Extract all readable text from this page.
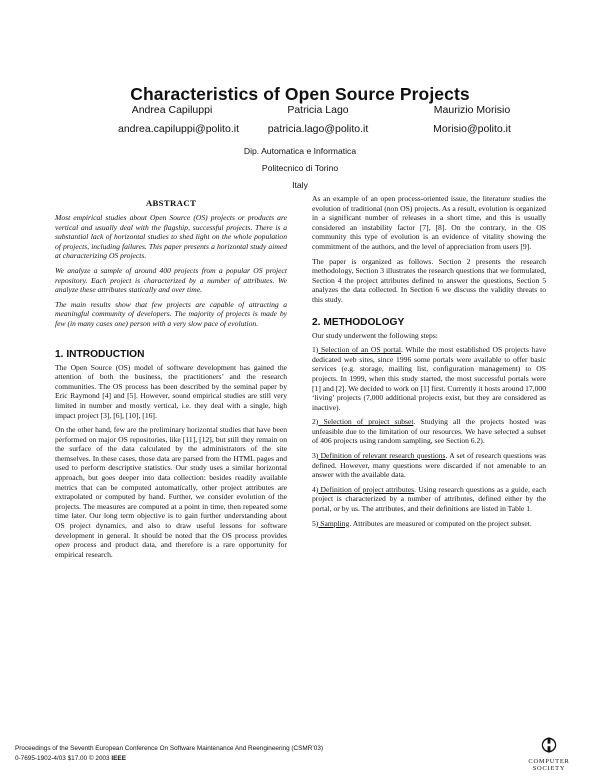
Characteristics of Open Source Projects
Andrea Capiluppi
andrea.capiluppi@polito.it
Patricia Lago
patricia.lago@polito.it
Maurizio Morisio
Morisio@polito.it
Dip. Automatica e Informatica
Politecnico di Torino
Italy
ABSTRACT

Most empirical studies about Open Source (OS) projects or products are vertical and usually deal with the flagship, successful projects. There is a substantial lack of horizontal studies to shed light on the whole population of projects, including failures. This paper presents a horizontal study aimed at characterizing OS projects.

We analyze a sample of around 400 projects from a popular OS project repository. Each project is characterized by a number of attributes. We analyze these attributes statically and over time.

The main results show that few projects are capable of attracting a meaningful community of developers. The majority of projects is made by few (in many cases one) person with a very slow pace of evolution.

1. INTRODUCTION

The Open Source (OS) model of software development has gained the attention of both the business, the practitioners’ and the research communities. The OS process has been described by the seminal paper by Eric Raymond [4] and [5]. However, sound empirical studies are still very limited in number and mostly vertical, i.e. they deal with a single, high impact project [3], [6], [10], [16].

On the other hand, few are the preliminary horizontal studies that have been performed on major OS repositories, like [11], [12], but still they remain on the surface of the data calculated by the administrators of the site themselves. In these cases, those data are parsed from the HTML pages and used to perform descriptive statistics. Our study uses a similar horizontal approach, but goes deeper into data collection: besides readily available metrics that can be computed automatically, other project attributes are extrapolated or computed by hand. Further, we consider evolution of the projects. The measures are computed at a point in time, then repeated some time later. Our long term objective is to gain further understanding about OS project dynamics, and also to draw useful lessons for software development in general. It should be noted that the OS process provides open process and product data, and therefore is a rare opportunity for empirical research.

As an example of an open process-oriented issue, the literature studies the evolution of traditional (non OS) projects. As a result, evolution is organized in a significant number of releases in a short time, and this is usually considered an instability factor [7], [8]. On the contrary, in the OS community this type of evolution is an evidence of vitality showing the commitment of the authors, and the level of appreciation from users [9].

The paper is organized as follows. Section 2 presents the research methodology, Section 3 illustrates the research questions that we formulated, Section 4 the project attributes defined to answer the questions, Section 5 analyzes the data collected. In Section 6 we discuss the validity threats to this study.

2. METHODOLOGY

Our study underwent the following steps:

1) Selection of an OS portal. While the most established OS projects have dedicated web sites, since 1996 some portals were available to offer basic services (e.g. storage, mailing list, configuration management) to OS projects. In 1999, when this study started, the most successful portals were [1] and [2]. We decided to work on [1] first. Currently it hosts around 17,000 ‘living’ projects (7,000 additional projects exist, but they are considered as inactive).
2) Selection of project subset. Studying all the projects hosted was unfeasible due to the limitation of our resources. We have selected a subset of 406 projects using random sampling, see Section 6.2).
3) Definition of relevant research questions. A set of research questions was defined. However, many questions were discarded if not amenable to an answer with the available data.
4) Definition of project attributes. Using research questions as a guide, each project is characterized by a number of attributes, defined either by the portal, or by us. The attributes, and their definitions are listed in Table 1.
5) Sampling. Attributes are measured or computed on the project subset.
Proceedings of the Seventh European Conference On Software Maintenance And Reengineering (CSMR’03)
0-7695-1902-4/03 $17.00 © 2003 IEEE	COMPUTER
SOCIETY
